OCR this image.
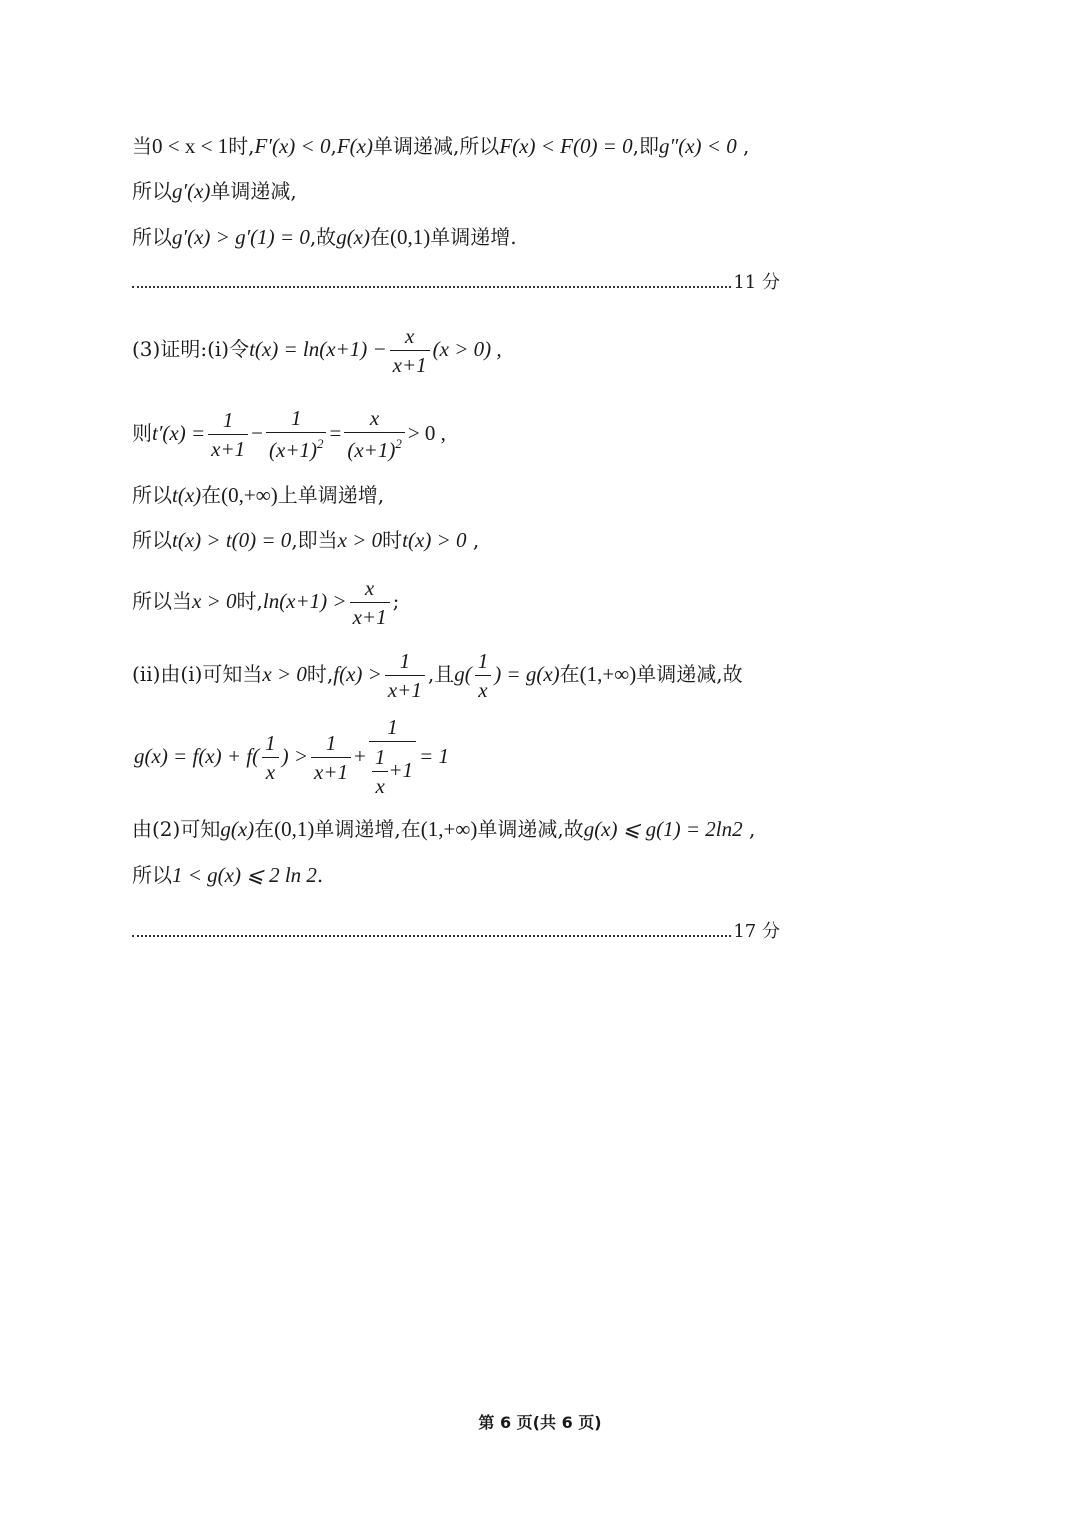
当0 < x < 1时,F′(x) < 0,F(x)单调递减,所以F(x) < F(0) = 0,即g″(x) < 0 ,
所以g′(x)单调递减,
所以g′(x) > g′(1) = 0,故g(x)在(0,1)单调递增.
11 分
(3)证明:(i)令$t(x) = \ln(x+1) - \frac{x}{x+1} (x > 0)$ ,
则$t'(x) = \frac{1}{x+1} - \frac{1}{(x+1)^2} = \frac{x}{(x+1)^2} > 0$ ,
所以t(x)在(0,+∞)上单调递增,
所以t(x) > t(0) = 0,即当x > 0时t(x) > 0 ,
所以当x > 0时$,\ln(x+1) > \frac{x}{x+1}$ ;
(ii)由(i)可知当x > 0时$,f(x) > \frac{1}{x+1}$ ,且$g( \frac{1}{x}$ ) = g(x)在(1,+∞)单调递减,故
$g(x) = f(x) + f( \frac{1}{x}$ ) > $\frac{1}{x+1} + \frac{1}{\frac{1}{x} +1} = 1$
由(2)可知g(x)在(0,1)单调递增,在(1,+∞)单调递减,故g(x) ⩽ g(1) = 2ln2 ,
所以1 < g(x) ⩽ 2 ln 2.
17 分
第 6 页(共 6 页)
